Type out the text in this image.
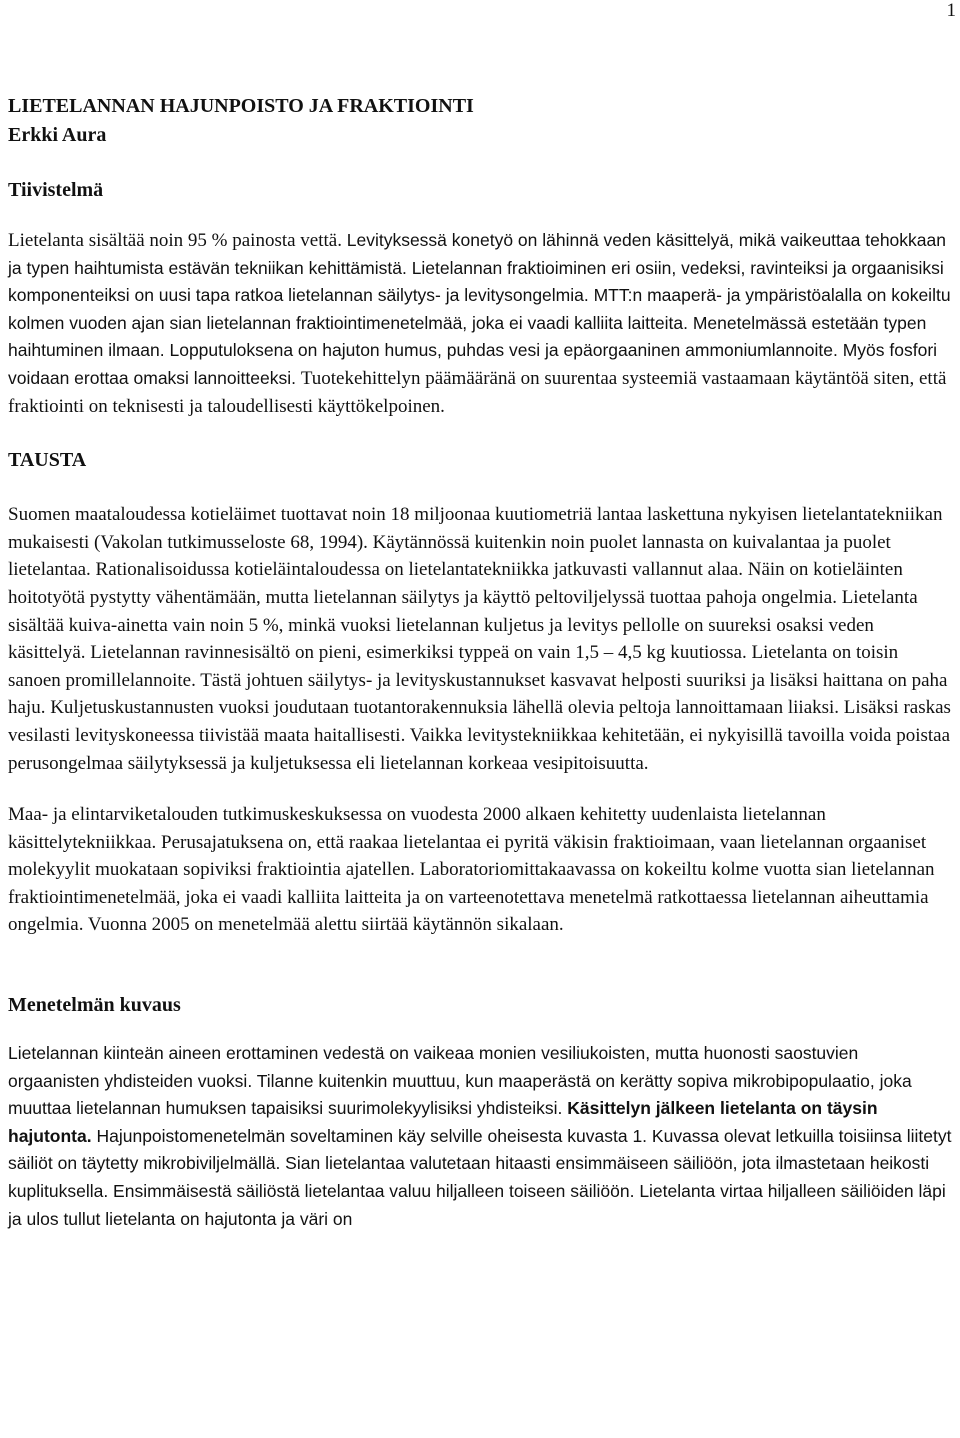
1
LIETELANNAN HAJUNPOISTO JA FRAKTIOINTI
Erkki Aura
Tiivistelmä

Lietelanta sisältää noin 95 % painosta vettä. Levityksessä konetyö on lähinnä veden käsittelyä, mikä vaikeuttaa tehokkaan ja typen haihtumista estävän tekniikan kehittämistä. Lietelannan fraktioiminen eri osiin, vedeksi, ravinteiksi ja orgaanisiksi komponenteiksi on uusi tapa ratkoa lietelannan säilytys- ja levitysongelmia. MTT:n maaperä- ja ympäristöalalla on kokeiltu kolmen vuoden ajan sian lietelannan fraktiointimenetelmää, joka ei vaadi kalliita laitteita. Menetelmässä estetään typen haihtuminen ilmaan. Lopputuloksena on hajuton humus, puhdas vesi ja epäorgaaninen ammoniumlannoite. Myös fosfori voidaan erottaa omaksi lannoitteeksi. Tuotekehittelyn päämääränä on suurentaa systeemiä vastaamaan käytäntöä siten, että fraktiointi on teknisesti ja taloudellisesti käyttökelpoinen.

TAUSTA

Suomen maataloudessa kotieläimet tuottavat noin 18 miljoonaa kuutiometriä lantaa laskettuna nykyisen lietelantatekniikan mukaisesti (Vakolan tutkimusseloste 68, 1994). Käytännössä kuitenkin noin puolet lannasta on kuivalantaa ja puolet lietelantaa. Rationalisoidussa kotieläintaloudessa on lietelantatekniikka jatkuvasti vallannut alaa. Näin on kotieläinten hoitotyötä pystytty vähentämään, mutta lietelannan säilytys ja käyttö peltoviljelyssä tuottaa pahoja ongelmia. Lietelanta sisältää kuiva-ainetta vain noin 5 %, minkä vuoksi lietelannan kuljetus ja levitys pellolle on suureksi osaksi veden käsittelyä. Lietelannan ravinnesisältö on pieni, esimerkiksi typpeä on vain 1,5 – 4,5 kg kuutiossa. Lietelanta on toisin sanoen promillelannoite. Tästä johtuen säilytys- ja levityskustannukset kasvavat helposti suuriksi ja lisäksi haittana on paha haju. Kuljetuskustannusten vuoksi joudutaan tuotantorakennuksia lähellä olevia peltoja lannoittamaan liiaksi. Lisäksi raskas vesilasti levityskoneessa tiivistää maata haitallisesti. Vaikka levitystekniikkaa kehitetään, ei nykyisillä tavoilla voida poistaa perusongelmaa säilytyksessä ja kuljetuksessa eli lietelannan korkeaa vesipitoisuutta.

Maa- ja elintarviketalouden tutkimuskeskuksessa on vuodesta 2000 alkaen kehitetty uudenlaista lietelannan käsittelytekniikkaa. Perusajatuksena on, että raakaa lietelantaa ei pyritä väkisin fraktioimaan, vaan lietelannan orgaaniset molekyylit muokataan sopiviksi fraktiointia ajatellen. Laboratoriomittakaavassa on kokeiltu kolme vuotta sian lietelannan fraktiointimenetelmää, joka ei vaadi kalliita laitteita ja on varteenotettava menetelmä ratkottaessa lietelannan aiheuttamia ongelmia. Vuonna 2005 on menetelmää alettu siirtää käytännön sikalaan.

Menetelmän kuvaus

Lietelannan kiinteän aineen erottaminen vedestä on vaikeaa monien vesiliukoisten, mutta huonosti saostuvien orgaanisten yhdisteiden vuoksi. Tilanne kuitenkin muuttuu, kun maaperästä on kerätty sopiva mikrobipopulaatio, joka muuttaa lietelannan humuksen tapaisiksi suurimolekyylisiksi yhdisteiksi. Käsittelyn jälkeen lietelanta on täysin hajutonta. Hajunpoistomenetelmän soveltaminen käy selville oheisesta kuvasta 1. Kuvassa olevat letkuilla toisiinsa liitetyt säiliöt on täytetty mikrobiviljelmällä. Sian lietelantaa valutetaan hitaasti ensimmäiseen säiliöön, jota ilmastetaan heikosti kuplituksella. Ensimmäisestä säiliöstä lietelantaa valuu hiljalleen toiseen säiliöön. Lietelanta virtaa hiljalleen säiliöiden läpi ja ulos tullut lietelanta on hajutonta ja väri on
